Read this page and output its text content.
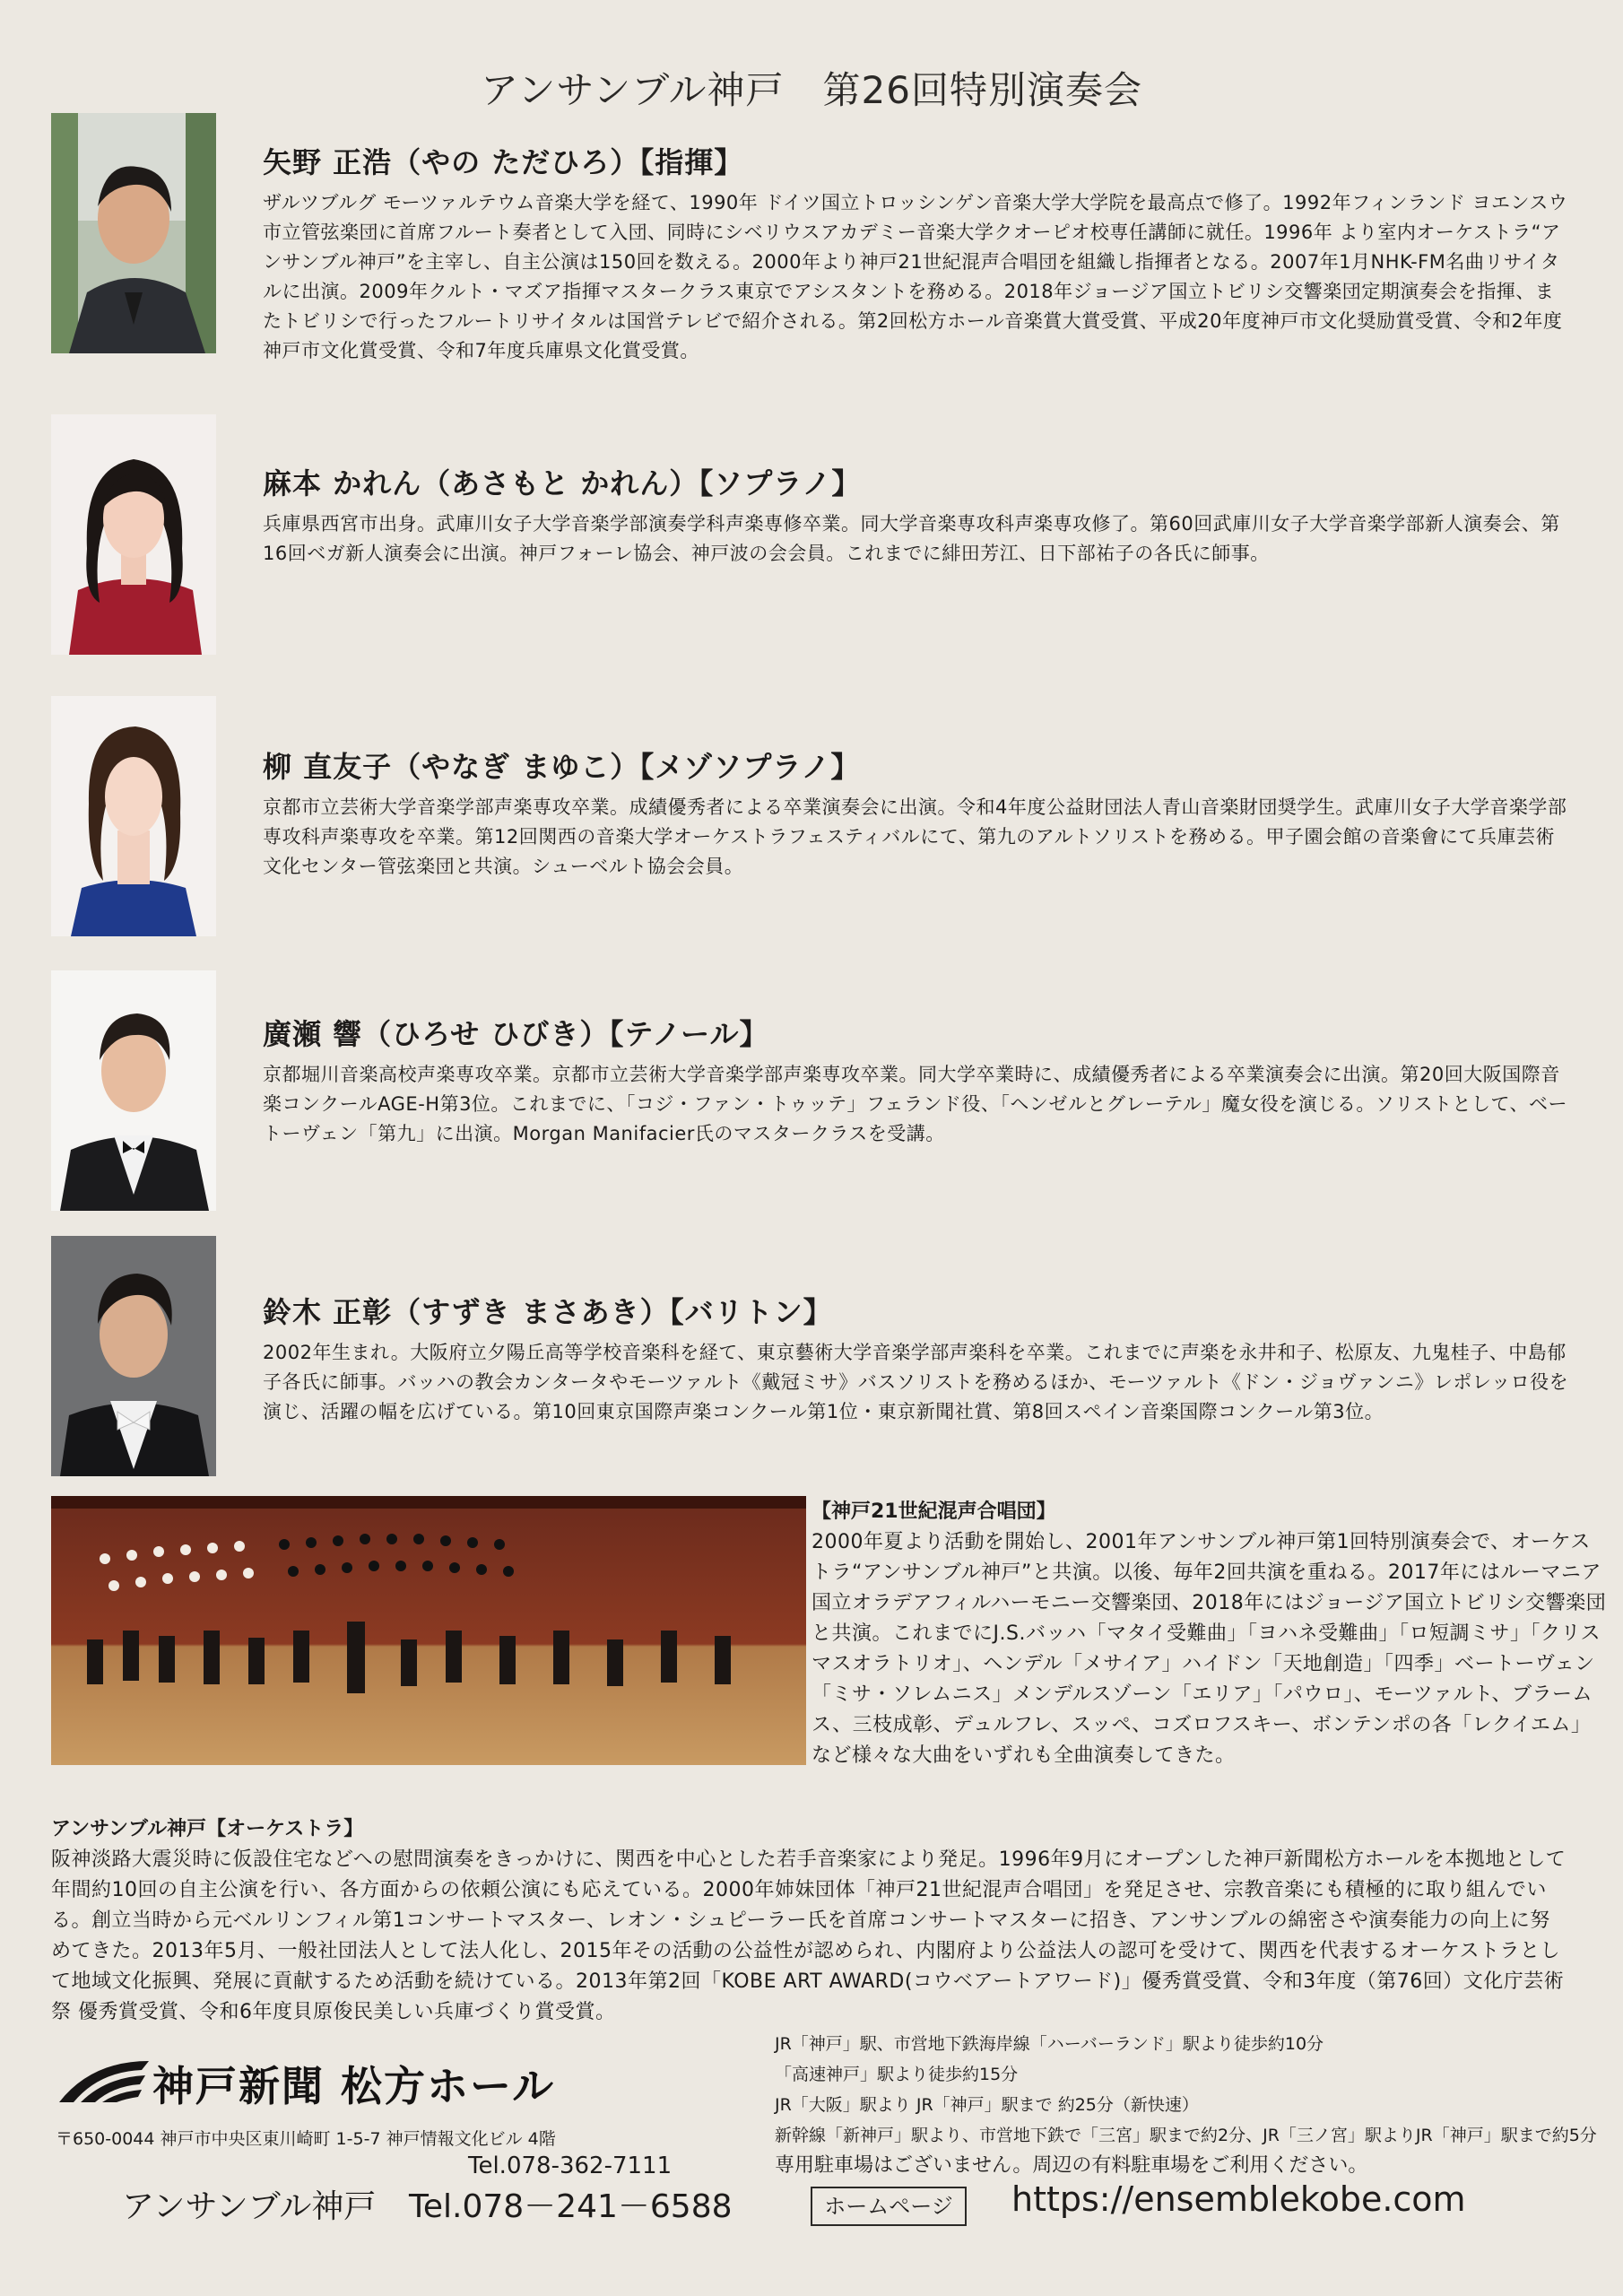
アンサンブル神戸　第26回特別演奏会

矢野 正浩（やの ただひろ）【指揮】

ザルツブルグ モーツァルテウム音楽大学を経て、1990年 ドイツ国立トロッシンゲン音楽大学大学院を最高点で修了。1992年フィンランド ヨエンスウ市立管弦楽団に首席フルート奏者として入団、同時にシベリウスアカデミー音楽大学クオーピオ校専任講師に就任。1996年 より室内オーケストラ“アンサンブル神戸”を主宰し、自主公演は150回を数える。2000年より神戸21世紀混声合唱団を組織し指揮者となる。2007年1月NHK-FM名曲リサイタルに出演。2009年クルト・マズア指揮マスタークラス東京でアシスタントを務める。2018年ジョージア国立トビリシ交響楽団定期演奏会を指揮、またトビリシで行ったフルートリサイタルは国営テレビで紹介される。第2回松方ホール音楽賞大賞受賞、平成20年度神戸市文化奨励賞受賞、令和2年度神戸市文化賞受賞、令和7年度兵庫県文化賞受賞。

麻本 かれん（あさもと かれん）【ソプラノ】

兵庫県西宮市出身。武庫川女子大学音楽学部演奏学科声楽専修卒業。同大学音楽専攻科声楽専攻修了。第60回武庫川女子大学音楽学部新人演奏会、第16回ベガ新人演奏会に出演。神戸フォーレ協会、神戸波の会会員。これまでに緋田芳江、日下部祐子の各氏に師事。

柳 直友子（やなぎ まゆこ）【メゾソプラノ】

京都市立芸術大学音楽学部声楽専攻卒業。成績優秀者による卒業演奏会に出演。令和4年度公益財団法人青山音楽財団奨学生。武庫川女子大学音楽学部専攻科声楽専攻を卒業。第12回関西の音楽大学オーケストラフェスティバルにて、第九のアルトソリストを務める。甲子園会館の音楽會にて兵庫芸術文化センター管弦楽団と共演。シューベルト協会会員。

廣瀬 響（ひろせ ひびき）【テノール】

京都堀川音楽高校声楽専攻卒業。京都市立芸術大学音楽学部声楽専攻卒業。同大学卒業時に、成績優秀者による卒業演奏会に出演。第20回大阪国際音楽コンクールAGE-H第3位。これまでに、「コジ・ファン・トゥッテ」フェランド役、「ヘンゼルとグレーテル」魔女役を演じる。ソリストとして、ベートーヴェン「第九」に出演。Morgan Manifacier氏のマスタークラスを受講。

鈴木 正彰（すずき まさあき）【バリトン】

2002年生まれ。大阪府立夕陽丘高等学校音楽科を経て、東京藝術大学音楽学部声楽科を卒業。これまでに声楽を永井和子、松原友、九鬼桂子、中島郁子各氏に師事。バッハの教会カンタータやモーツァルト《戴冠ミサ》バスソリストを務めるほか、モーツァルト《ドン・ジョヴァンニ》レポレッロ役を演じ、活躍の幅を広げている。第10回東京国際声楽コンクール第1位・東京新聞社賞、第8回スペイン音楽国際コンクール第3位。

【神戸21世紀混声合唱団】

2000年夏より活動を開始し、2001年アンサンブル神戸第1回特別演奏会で、オーケストラ“アンサンブル神戸”と共演。以後、毎年2回共演を重ねる。2017年にはルーマニア国立オラデアフィルハーモニー交響楽団、2018年にはジョージア国立トビリシ交響楽団と共演。これまでにJ.S.バッハ「マタイ受難曲」「ヨハネ受難曲」「ロ短調ミサ」「クリスマスオラトリオ」、ヘンデル「メサイア」ハイドン「天地創造」「四季」ベートーヴェン「ミサ・ソレムニス」メンデルスゾーン「エリア」「パウロ」、モーツァルト、ブラームス、三枝成彰、デュルフレ、スッペ、コズロフスキー、ボンテンポの各「レクイエム」など様々な大曲をいずれも全曲演奏してきた。

アンサンブル神戸【オーケストラ】

阪神淡路大震災時に仮設住宅などへの慰問演奏をきっかけに、関西を中心とした若手音楽家により発足。1996年9月にオープンした神戸新聞松方ホールを本拠地として年間約10回の自主公演を行い、各方面からの依頼公演にも応えている。2000年姉妹団体「神戸21世紀混声合唱団」を発足させ、宗教音楽にも積極的に取り組んでいる。創立当時から元ベルリンフィル第1コンサートマスター、レオン・シュピーラー氏を首席コンサートマスターに招き、アンサンブルの綿密さや演奏能力の向上に努めてきた。2013年5月、一般社団法人として法人化し、2015年その活動の公益性が認められ、内閣府より公益法人の認可を受けて、関西を代表するオーケストラとして地域文化振興、発展に貢献するため活動を続けている。2013年第2回「KOBE ART AWARD(コウベアートアワード)」優秀賞受賞、令和3年度（第76回）文化庁芸術祭 優秀賞受賞、令和6年度貝原俊民美しい兵庫づくり賞受賞。

神戸新聞 松方ホール
〒650-0044 神戸市中央区東川崎町 1-5-7 神戸情報文化ビル 4階
Tel.078-362-7111

JR「神戸」駅、市営地下鉄海岸線「ハーバーランド」駅より徒歩約10分

「高速神戸」駅より徒歩約15分

JR「大阪」駅より JR「神戸」駅まで 約25分（新快速）

新幹線「新神戸」駅より、市営地下鉄で「三宮」駅まで約2分、JR「三ノ宮」駅よりJR「神戸」駅まで約5分

専用駐車場はございません。周辺の有料駐車場をご利用ください。

アンサンブル神戸 Tel.078－241－6588	ホームページ	https://ensemblekobe.com
